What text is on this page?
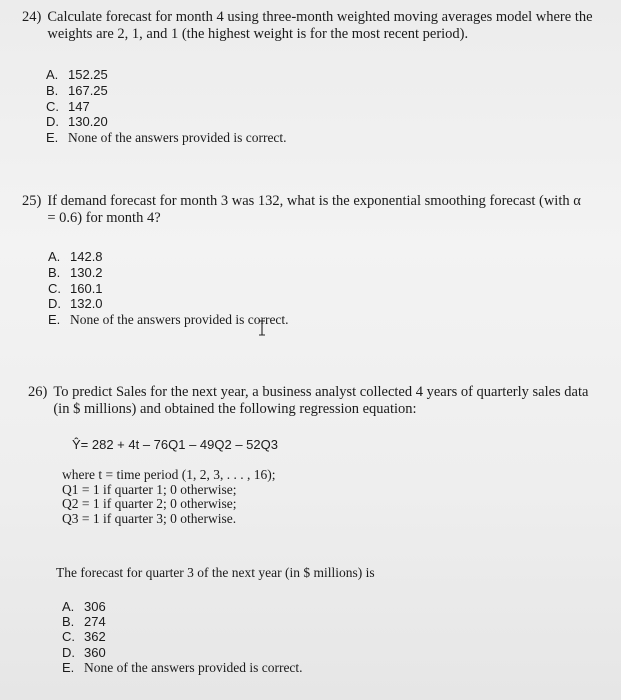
24) Calculate forecast for month 4 using three-month weighted moving averages model where the weights are 2, 1, and 1 (the highest weight is for the most recent period).
A. 152.25
B. 167.25
C. 147
D. 130.20
E. None of the answers provided is correct.
25) If demand forecast for month 3 was 132, what is the exponential smoothing forecast (with α = 0.6) for month 4?
A. 142.8
B. 130.2
C. 160.1
D. 132.0
E. None of the answers provided is correct.
26) To predict Sales for the next year, a business analyst collected 4 years of quarterly sales data (in $ millions) and obtained the following regression equation:
Ŷ= 282 + 4t – 76Q1 – 49Q2 – 52Q3
where t = time period (1, 2, 3, . . . , 16);
Q1 = 1 if quarter 1; 0 otherwise;
Q2 = 1 if quarter 2; 0 otherwise;
Q3 = 1 if quarter 3; 0 otherwise.
The forecast for quarter 3 of the next year (in $ millions) is
A. 306
B. 274
C. 362
D. 360
E. None of the answers provided is correct.
